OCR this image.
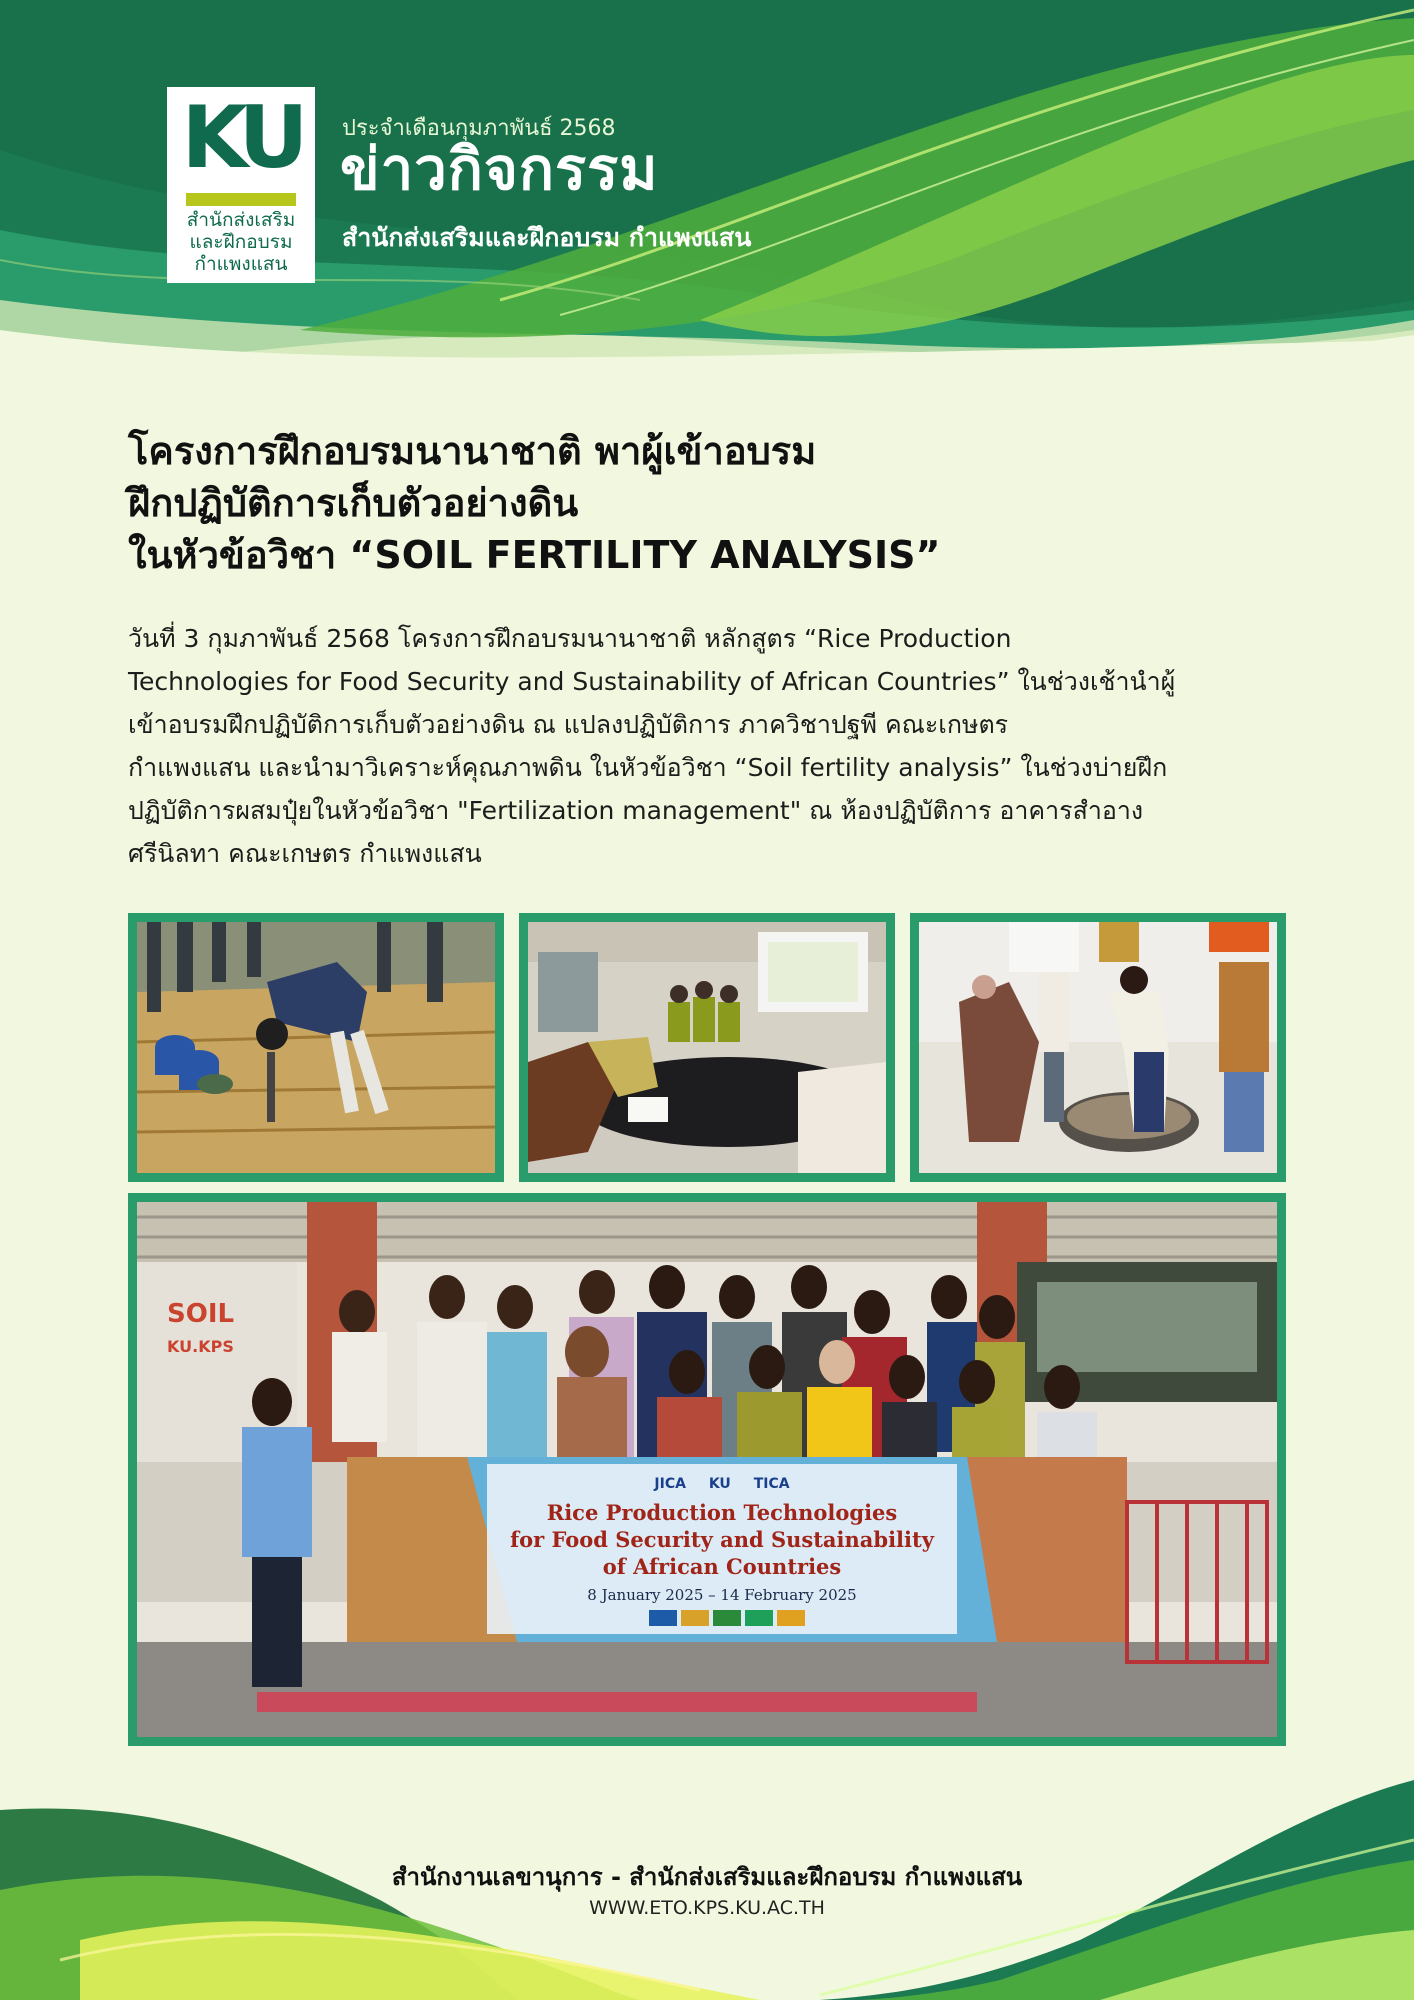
KU
สำนักส่งเสริม
และฝึกอบรม
กำแพงแสน
ประจำเดือนกุมภาพันธ์ 2568
ข่าวกิจกรรม
สำนักส่งเสริมและฝึกอบรม กำแพงแสน
โครงการฝึกอบรมนานาชาติ พาผู้เข้าอบรม
ฝึกปฏิบัติการเก็บตัวอย่างดิน
ในหัวข้อวิชา “SOIL FERTILITY ANALYSIS”
วันที่ 3 กุมภาพันธ์ 2568 โครงการฝึกอบรมนานาชาติ หลักสูตร “Rice Production
Technologies for Food Security and Sustainability of African Countries” ในช่วงเช้านำผู้
เข้าอบรมฝึกปฏิบัติการเก็บตัวอย่างดิน ณ แปลงปฏิบัติการ ภาควิชาปฐพี คณะเกษตร
กำแพงแสน และนำมาวิเคราะห์คุณภาพดิน ในหัวข้อวิชา “Soil fertility analysis” ในช่วงบ่ายฝึก
ปฏิบัติการผสมปุ๋ยในหัวข้อวิชา "Fertilization management" ณ ห้องปฏิบัติการ อาคารสำอาง
ศรีนิลทา คณะเกษตร กำแพงแสน
SOIL
KU.KPS
JICA KU TICA
Rice Production Technologies
for Food Security and Sustainability
of African Countries
8 January 2025 – 14 February 2025
สำนักงานเลขานุการ - สำนักส่งเสริมและฝึกอบรม กำแพงแสน
WWW.ETO.KPS.KU.AC.TH
